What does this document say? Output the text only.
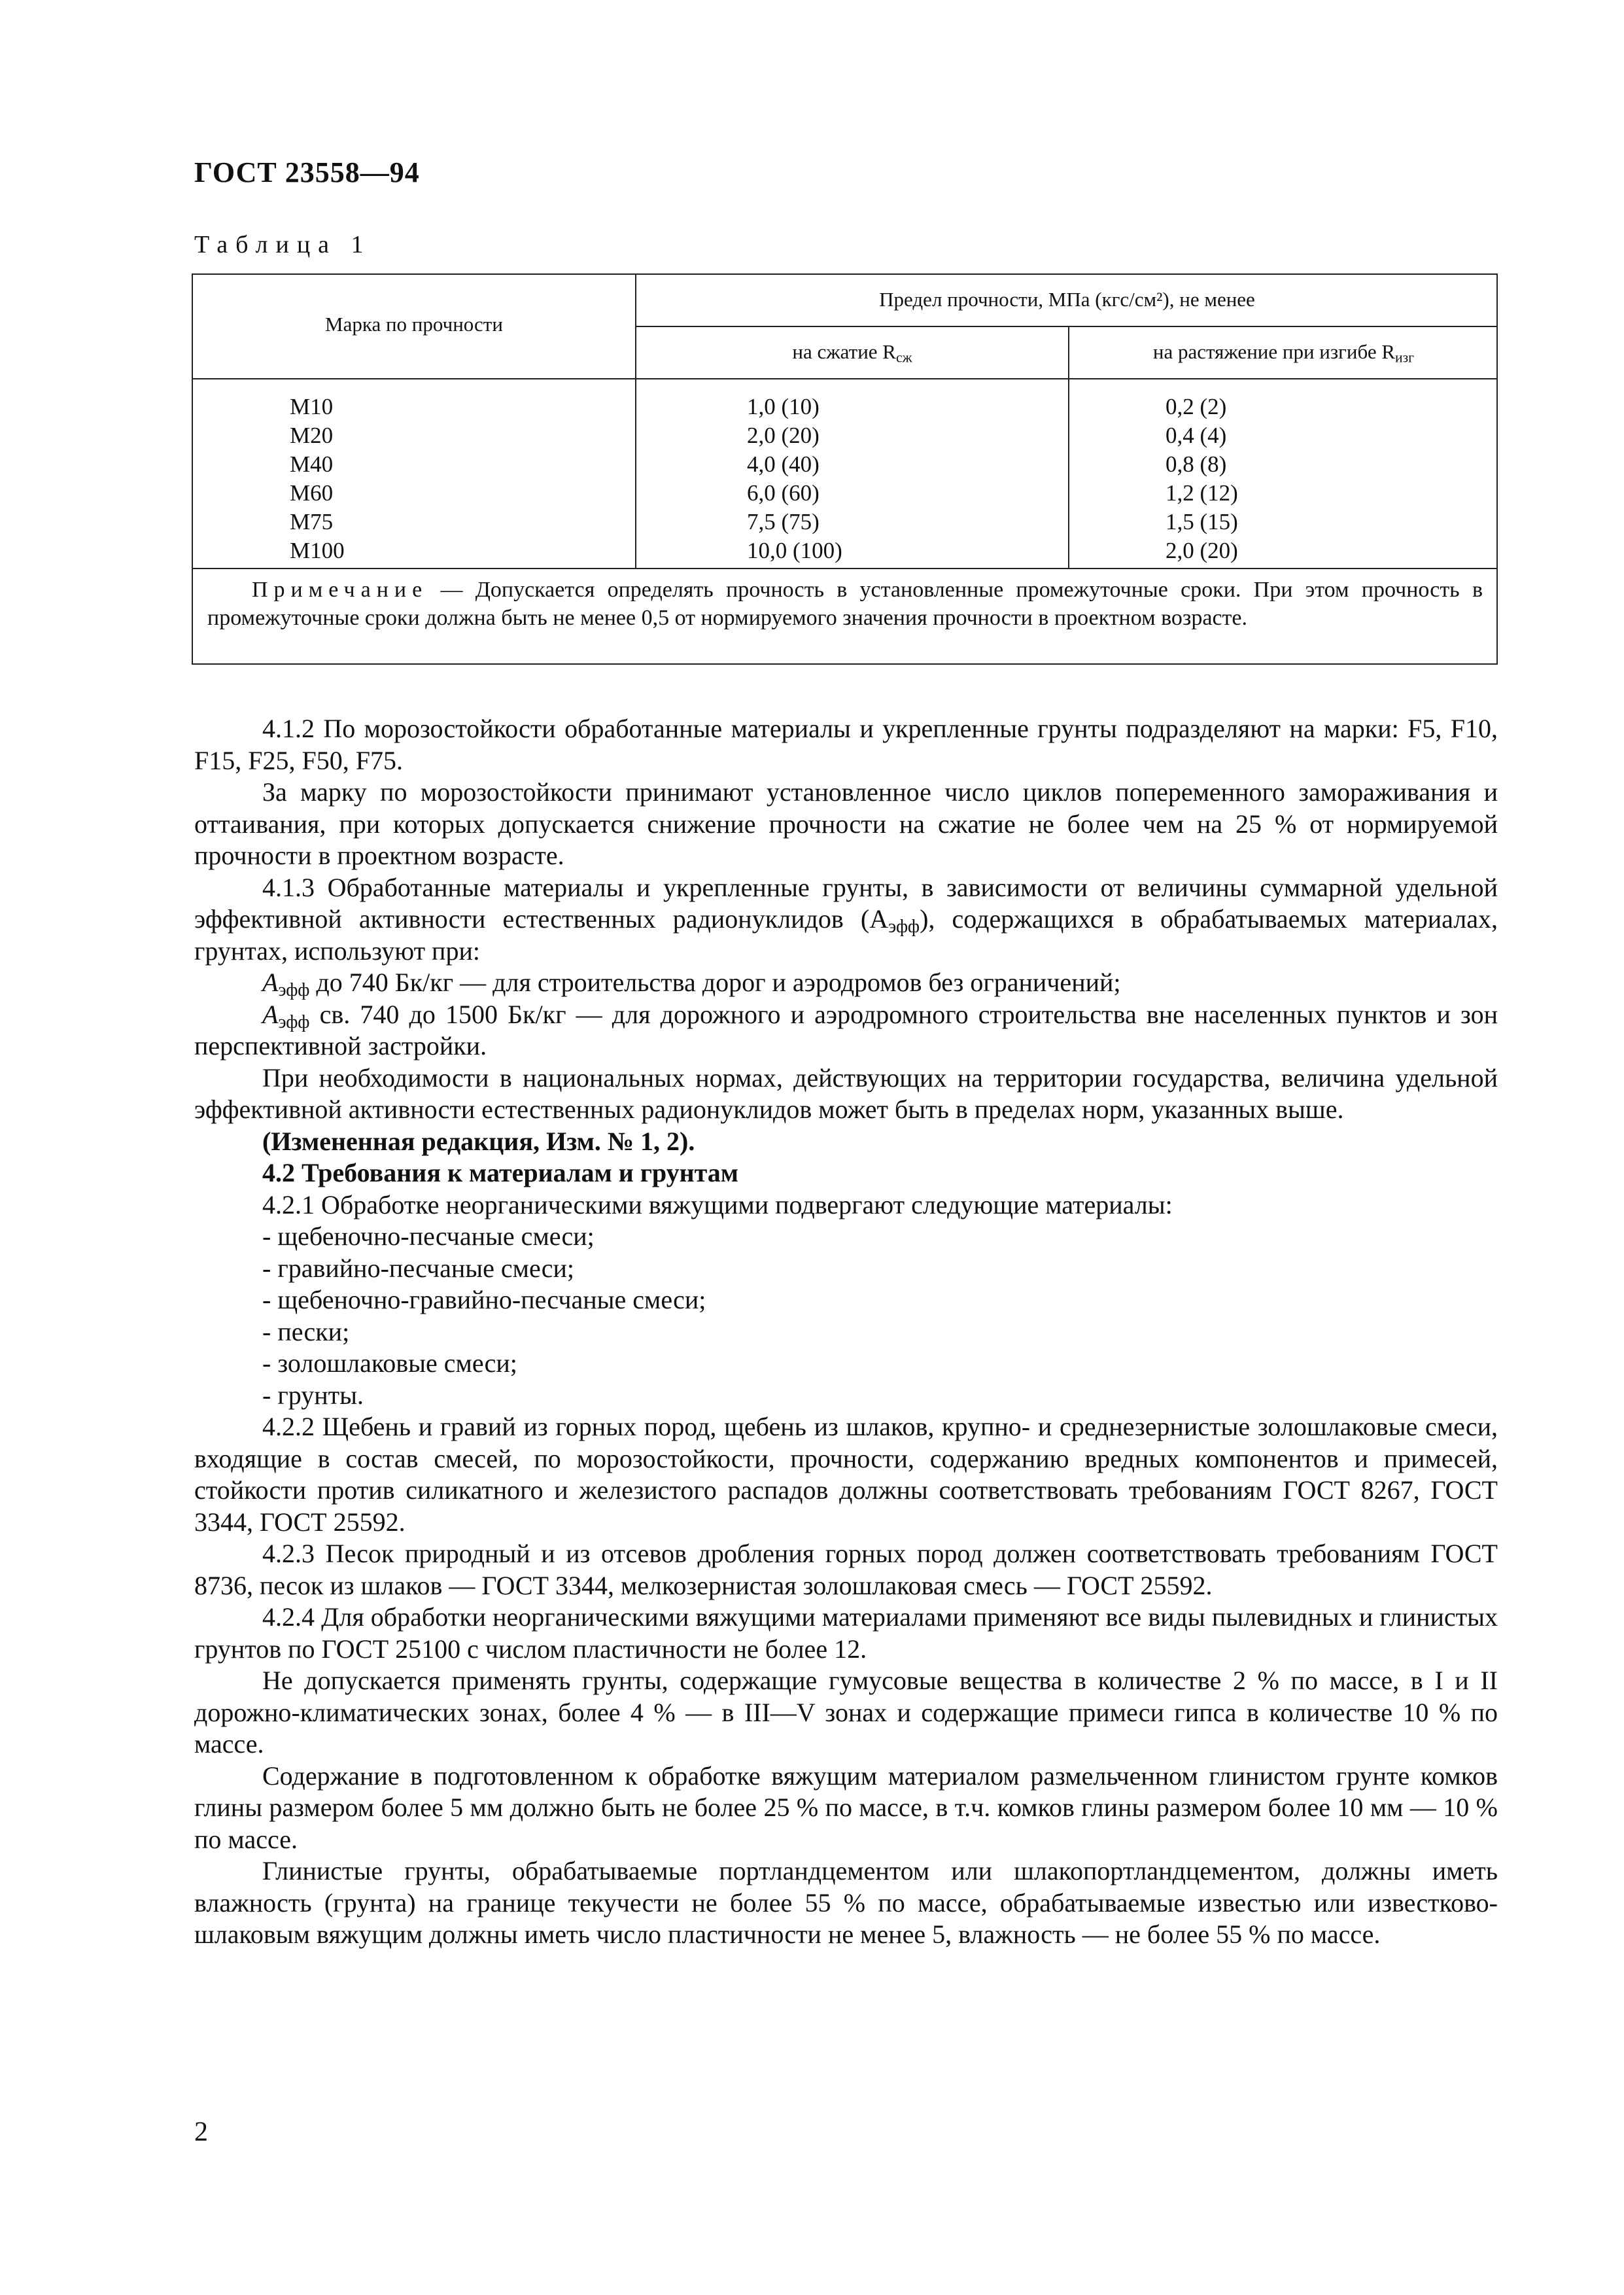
ГОСТ 23558—94
Таблица 1
Марка по прочности
Предел прочности, МПа (кгс/см²), не менее
на сжатие $R_{сж}$	на растяжение при изгибе $R_{изг}$
М10
М20
М40
М60
М75
М100
1,0 (10)
2,0 (20)
4,0 (40)
6,0 (60)
7,5 (75)
10,0 (100)
0,2 (2)
0,4 (4)
0,8 (8)
1,2 (12)
1,5 (15)
2,0 (20)
Примечание — Допускается определять прочность в установленные промежуточные сроки. При этом прочность в промежуточные сроки должна быть не менее 0,5 от нормируемого значения прочности в проектном возрасте.

4.1.2 По морозостойкости обработанные материалы и укрепленные грунты подразделяют на марки: F5, F10, F15, F25, F50, F75.

За марку по морозостойкости принимают установленное число циклов попеременного замораживания и оттаивания, при которых допускается снижение прочности на сжатие не более чем на 25 % от нормируемой прочности в проектном возрасте.

4.1.3 Обработанные материалы и укрепленные грунты, в зависимости от величины суммарной удельной эффективной активности естественных радионуклидов $(A_{эфф})$, содержащихся в обрабатываемых материалах, грунтах, используют при:

$A_{эфф}$ до 740 Бк/кг — для строительства дорог и аэродромов без ограничений;

$A_{эфф}$ св. 740 до 1500 Бк/кг — для дорожного и аэродромного строительства вне населенных пунктов и зон перспективной застройки.

При необходимости в национальных нормах, действующих на территории государства, величина удельной эффективной активности естественных радионуклидов может быть в пределах норм, указанных выше.

(Измененная редакция, Изм. № 1, 2).

4.2 Требования к материалам и грунтам

4.2.1 Обработке неорганическими вяжущими подвергают следующие материалы:

- щебеночно-песчаные смеси;

- гравийно-песчаные смеси;

- щебеночно-гравийно-песчаные смеси;

- пески;

- золошлаковые смеси;

- грунты.

4.2.2 Щебень и гравий из горных пород, щебень из шлаков, крупно- и среднезернистые золошлаковые смеси, входящие в состав смесей, по морозостойкости, прочности, содержанию вредных компонентов и примесей, стойкости против силикатного и железистого распадов должны соответствовать требованиям ГОСТ 8267, ГОСТ 3344, ГОСТ 25592.

4.2.3 Песок природный и из отсевов дробления горных пород должен соответствовать требованиям ГОСТ 8736, песок из шлаков — ГОСТ 3344, мелкозернистая золошлаковая смесь — ГОСТ 25592.

4.2.4 Для обработки неорганическими вяжущими материалами применяют все виды пылевидных и глинистых грунтов по ГОСТ 25100 с числом пластичности не более 12.

Не допускается применять грунты, содержащие гумусовые вещества в количестве 2 % по массе, в I и II дорожно-климатических зонах, более 4 % — в III—V зонах и содержащие примеси гипса в количестве 10 % по массе.

Содержание в подготовленном к обработке вяжущим материалом размельченном глинистом грунте комков глины размером более 5 мм должно быть не более 25 % по массе, в т.ч. комков глины размером более 10 мм — 10 % по массе.

Глинистые грунты, обрабатываемые портландцементом или шлакопортландцементом, должны иметь влажность (грунта) на границе текучести не более 55 % по массе, обрабатываемые известью или известково-шлаковым вяжущим должны иметь число пластичности не менее 5, влажность — не более 55 % по массе.

2
